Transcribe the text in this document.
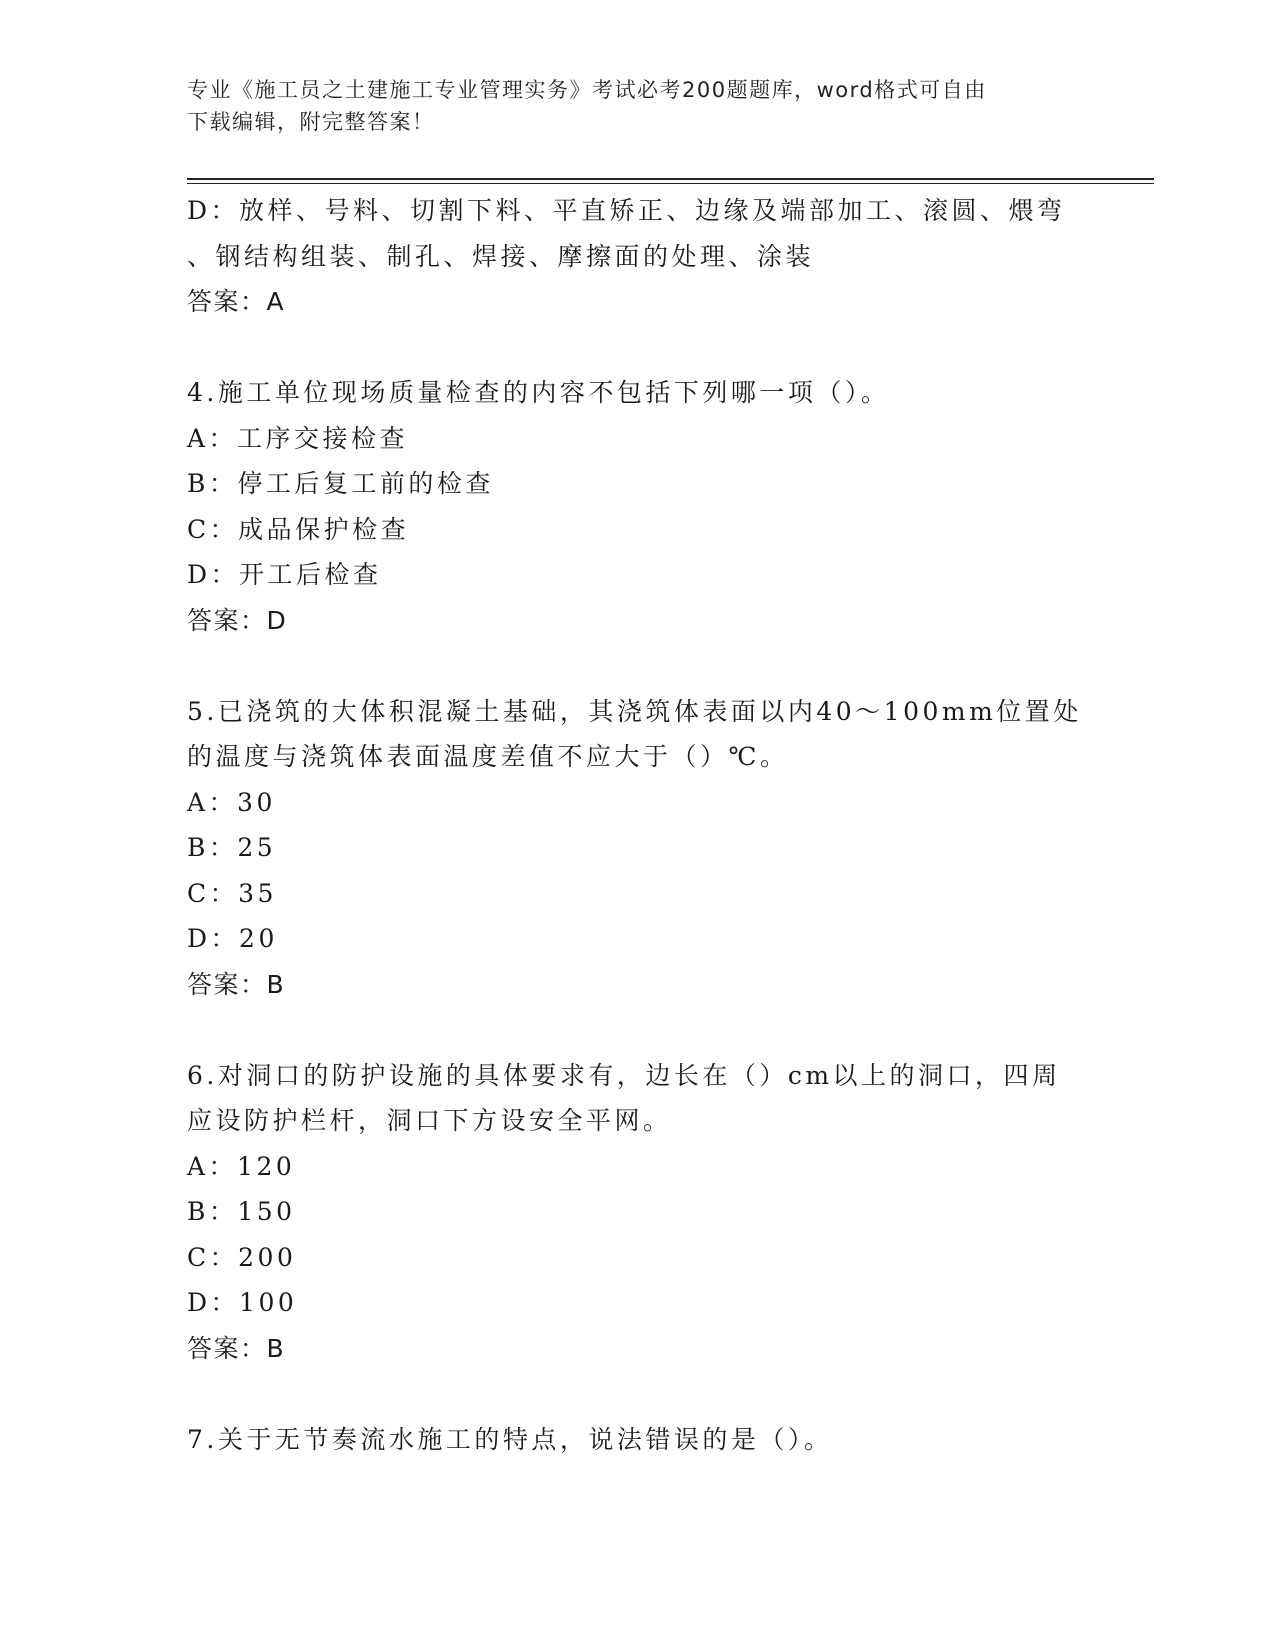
专业《施工员之土建施工专业管理实务》考试必考200题题库，word格式可自由
下载编辑，附完整答案！
D：放样、号料、切割下料、平直矫正、边缘及端部加工、滚圆、煨弯
、钢结构组装、制孔、焊接、摩擦面的处理、涂装
答案：A
4.施工单位现场质量检查的内容不包括下列哪一项（）。
A：工序交接检查
B：停工后复工前的检查
C：成品保护检查
D：开工后检查
答案：D
5.已浇筑的大体积混凝土基础，其浇筑体表面以内40～100mm位置处
的温度与浇筑体表面温度差值不应大于（）℃。
A：30
B：25
C：35
D：20
答案：B
6.对洞口的防护设施的具体要求有，边长在（）cm以上的洞口，四周
应设防护栏杆，洞口下方设安全平网。
A：120
B：150
C：200
D：100
答案：B
7.关于无节奏流水施工的特点，说法错误的是（）。
